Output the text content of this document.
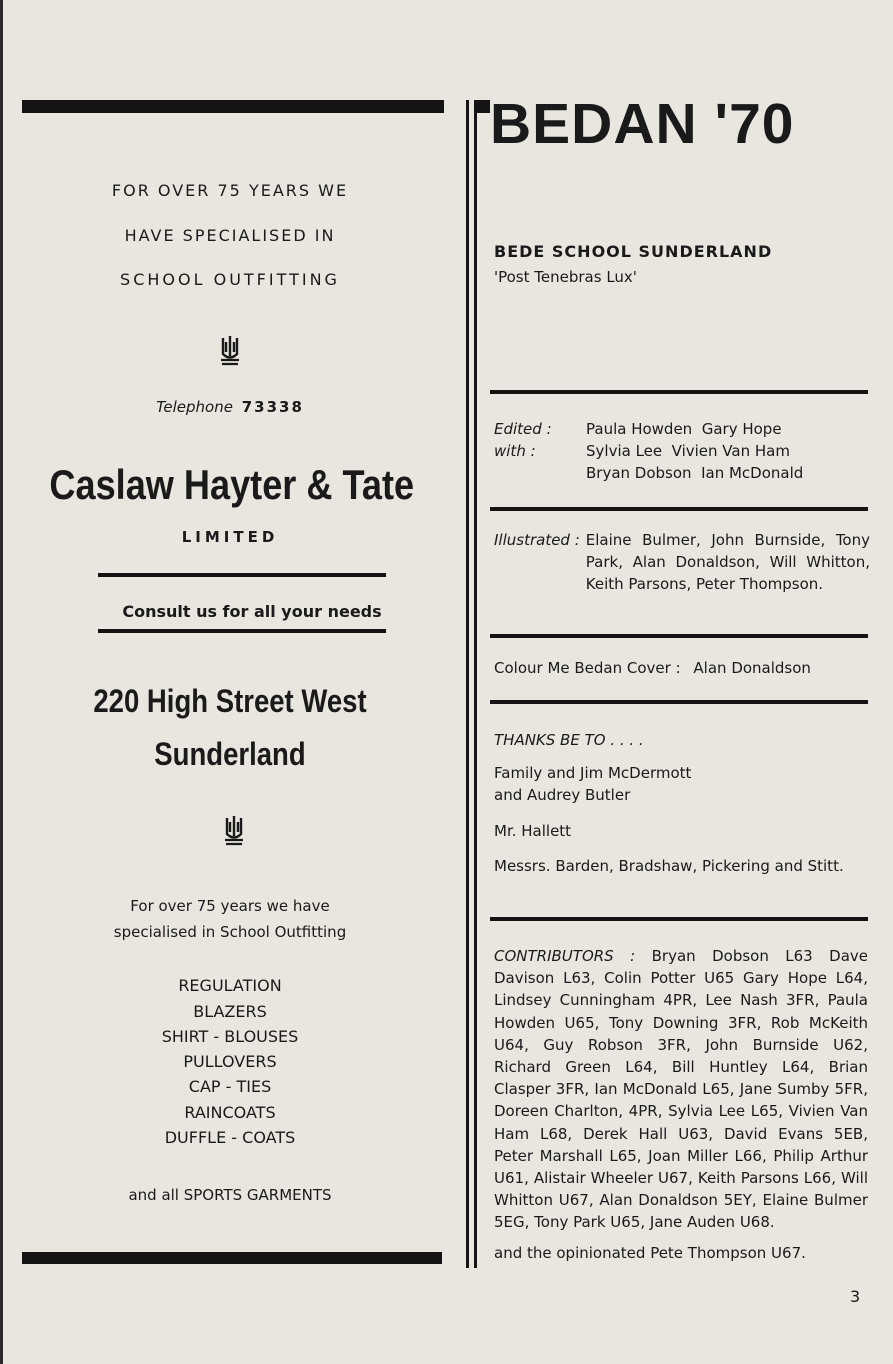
FOR OVER 75 YEARS WE
HAVE SPECIALISED IN
SCHOOL OUTFITTING
Telephone 73338
Caslaw Hayter & Tate
LIMITED
Consult us for all your needs
220 High Street West
Sunderland
For over 75 years we have
specialised in School Outfitting
REGULATION
BLAZERS
SHIRT - BLOUSES
PULLOVERS
CAP - TIES
RAINCOATS
DUFFLE - COATS
and all SPORTS GARMENTS
BEDAN '70
BEDE SCHOOL SUNDERLAND
'Post Tenebras Lux'
Edited :	Paula Howden  Gary Hope
with :	Sylvia Lee  Vivien Van Ham
Bryan Dobson  Ian McDonald
Illustrated : Elaine Bulmer, John Burnside, Tony Park, Alan Donaldson, Will Whitton, Keith Parsons, Peter Thompson.
Colour Me Bedan Cover : Alan Donaldson
THANKS BE TO . . . .
Family and Jim McDermott
and Audrey Butler
Mr. Hallett
Messrs. Barden, Bradshaw, Pickering and Stitt.
CONTRIBUTORS : Bryan Dobson L63 Dave Davison L63, Colin Potter U65 Gary Hope L64, Lindsey Cunningham 4PR, Lee Nash 3FR, Paula Howden U65, Tony Downing 3FR, Rob McKeith U64, Guy Robson 3FR, John Burnside U62, Richard Green L64, Bill Huntley L64, Brian Clasper 3FR, Ian McDonald L65, Jane Sumby 5FR, Doreen Charlton, 4PR, Sylvia Lee L65, Vivien Van Ham L68, Derek Hall U63, David Evans 5EB, Peter Marshall L65, Joan Miller L66, Philip Arthur U61, Alistair Wheeler U67, Keith Parsons L66, Will Whitton U67, Alan Donaldson 5EY, Elaine Bulmer 5EG, Tony Park U65, Jane Auden U68.
and the opinionated Pete Thompson U67.
3
